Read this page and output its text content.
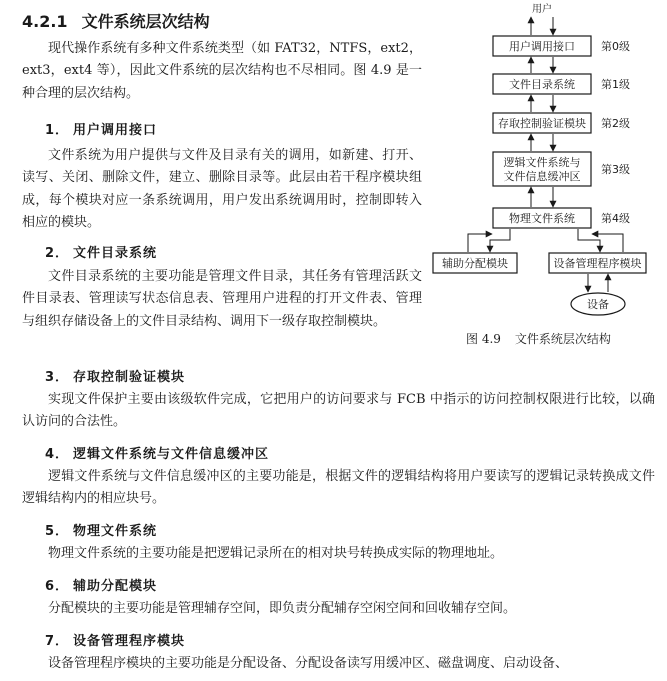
4.2.1 文件系统层次结构

现代操作系统有多种文件系统类型（如 FAT32，NTFS，ext2，ext3，ext4 等），因此文件系统的层次结构也不尽相同。图 4.9 是一种合理的层次结构。

1． 用户调用接口

文件系统为用户提供与文件及目录有关的调用，如新建、打开、读写、关闭、删除文件，建立、删除目录等。此层由若干程序模块组成，每个模块对应一条系统调用，用户发出系统调用时，控制即转入相应的模块。

2． 文件目录系统

文件目录系统的主要功能是管理文件目录，其任务有管理活跃文件目录表、管理读写状态信息表、管理用户进程的打开文件表、管理与组织存储设备上的文件目录结构、调用下一级存取控制模块。

3． 存取控制验证模块

实现文件保护主要由该级软件完成，它把用户的访问要求与 FCB 中指示的访问控制权限进行比较，以确认访问的合法性。

4． 逻辑文件系统与文件信息缓冲区

逻辑文件系统与文件信息缓冲区的主要功能是，根据文件的逻辑结构将用户要读写的逻辑记录转换成文件逻辑结构内的相应块号。

5． 物理文件系统

物理文件系统的主要功能是把逻辑记录所在的相对块号转换成实际的物理地址。

6． 辅助分配模块

分配模块的主要功能是管理辅存空间，即负责分配辅存空闲空间和回收辅存空间。

7． 设备管理程序模块

设备管理程序模块的主要功能是分配设备、分配设备读写用缓冲区、磁盘调度、启动设备、

用户
用户调用接口 第0级
文件目录系统 第1级
存取控制验证模块 第2级
逻辑文件系统与
文件信息缓冲区
第3级
物理文件系统 第4级
辅助分配模块	设备管理程序模块
设备
图 4.9 文件系统层次结构
